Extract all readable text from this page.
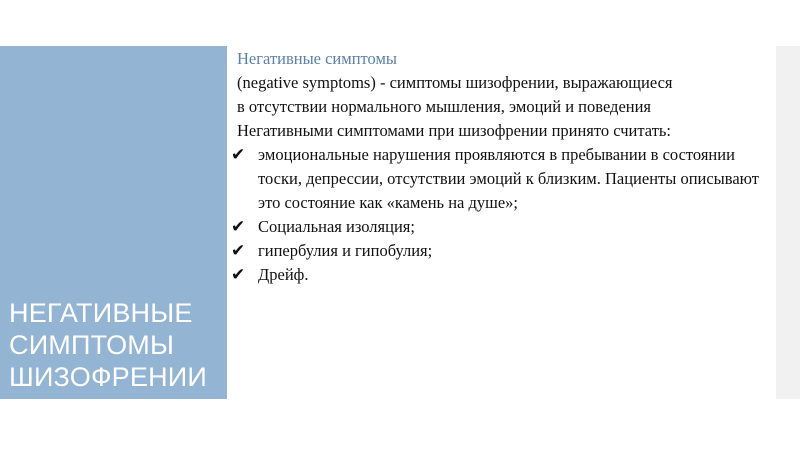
НЕГАТИВНЫЕ
СИМПТОМЫ
ШИЗОФРЕНИИ

Негативные симптомы

(negative symptoms) - симптомы шизофрении, выражающиеся

в отсутствии нормального мышления, эмоций и поведения

Негативными симптомами при шизофрении принято считать:

✔ эмоциональные нарушения проявляются в пребывании в состоянии тоски, депрессии, отсутствии эмоций к близким. Пациенты описывают это состояние как «камень на душе»;
✔ Социальная изоляция;
✔ гипербулия и гипобулия;
✔ Дрейф.
